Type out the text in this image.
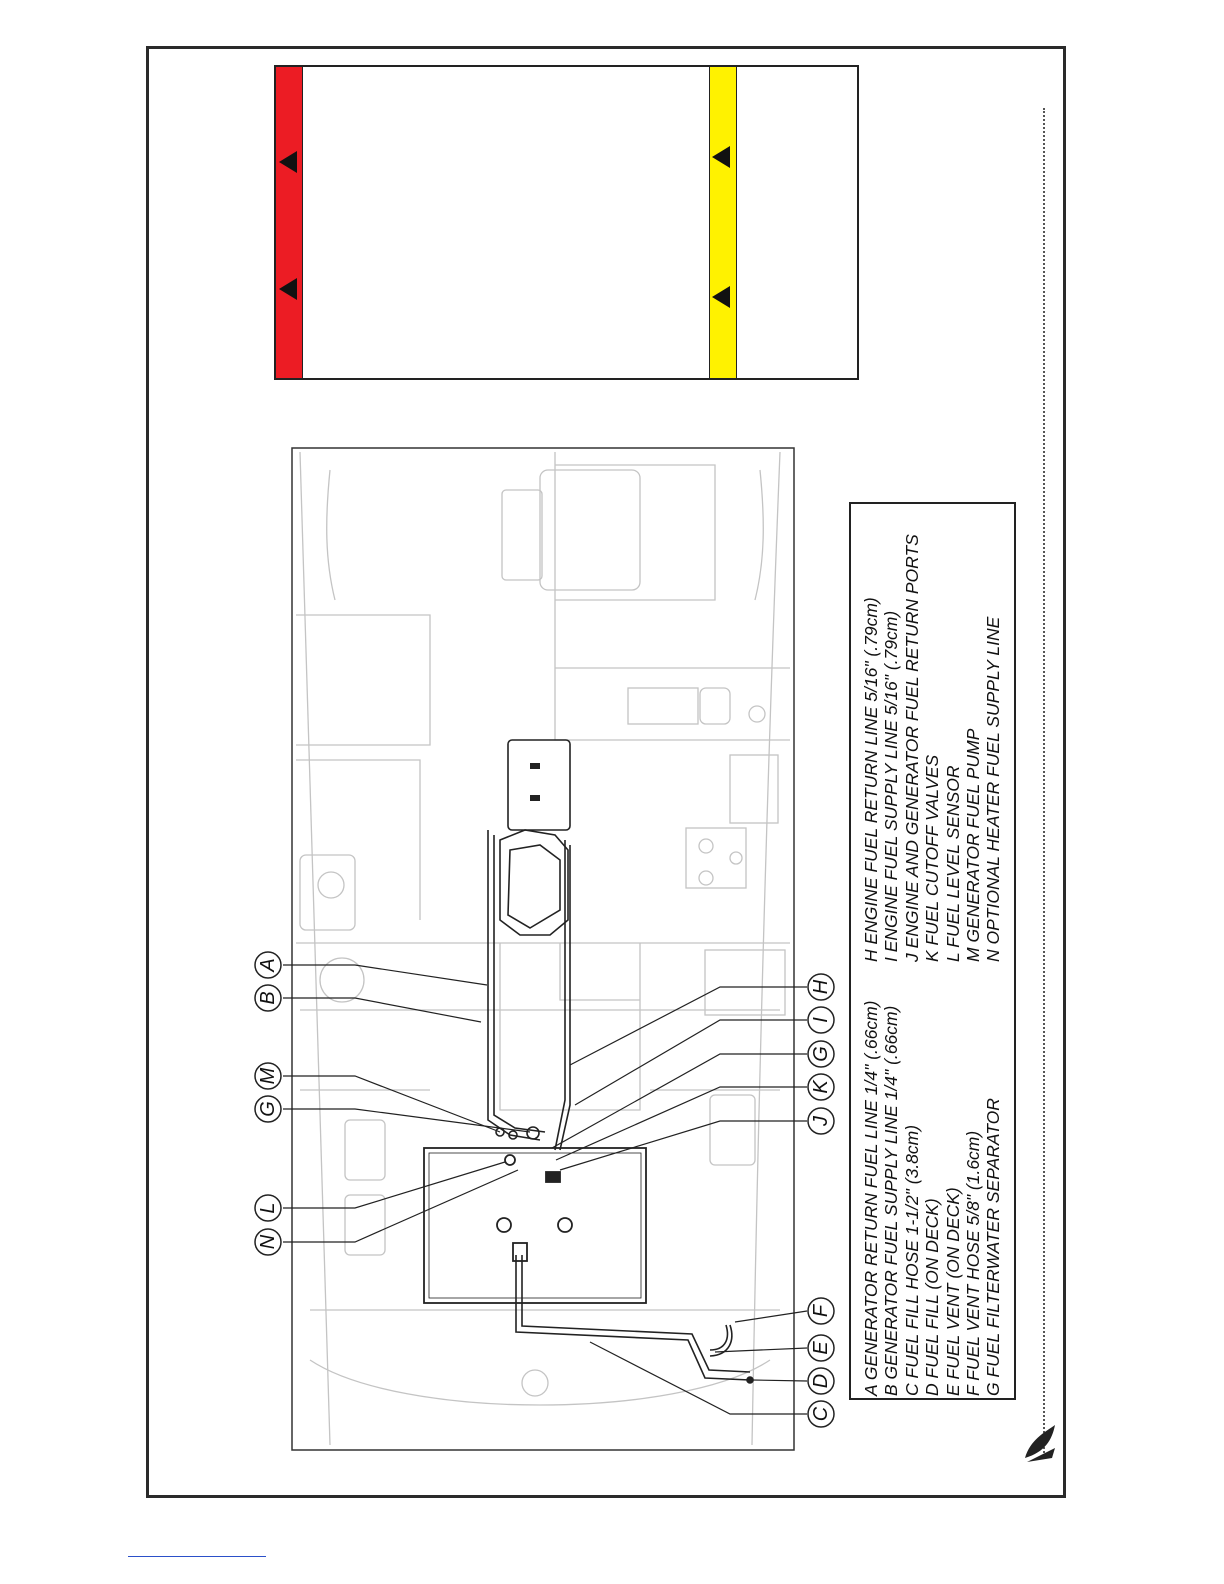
A
B
M
G
L
N
H
I
G
K
J
F
E
D
C
A GENERATOR RETURN FUEL LINE 1/4" (.66cm) B GENERATOR FUEL SUPPLY LINE 1/4" (.66cm) C FUEL FILL HOSE 1-1/2" (3.8cm) D FUEL FILL (ON DECK) E FUEL VENT (ON DECK) F FUEL VENT HOSE 5/8" (1.6cm) G FUEL FILTERWATER SEPARATOR
H ENGINE FUEL RETURN LINE 5/16" (.79cm) I ENGINE FUEL SUPPLY LINE 5/16" (.79cm) J ENGINE AND GENERATOR FUEL RETURN PORTS K FUEL CUTOFF VALVES L FUEL LEVEL SENSOR M GENERATOR FUEL PUMP N OPTIONAL HEATER FUEL SUPPLY LINE
